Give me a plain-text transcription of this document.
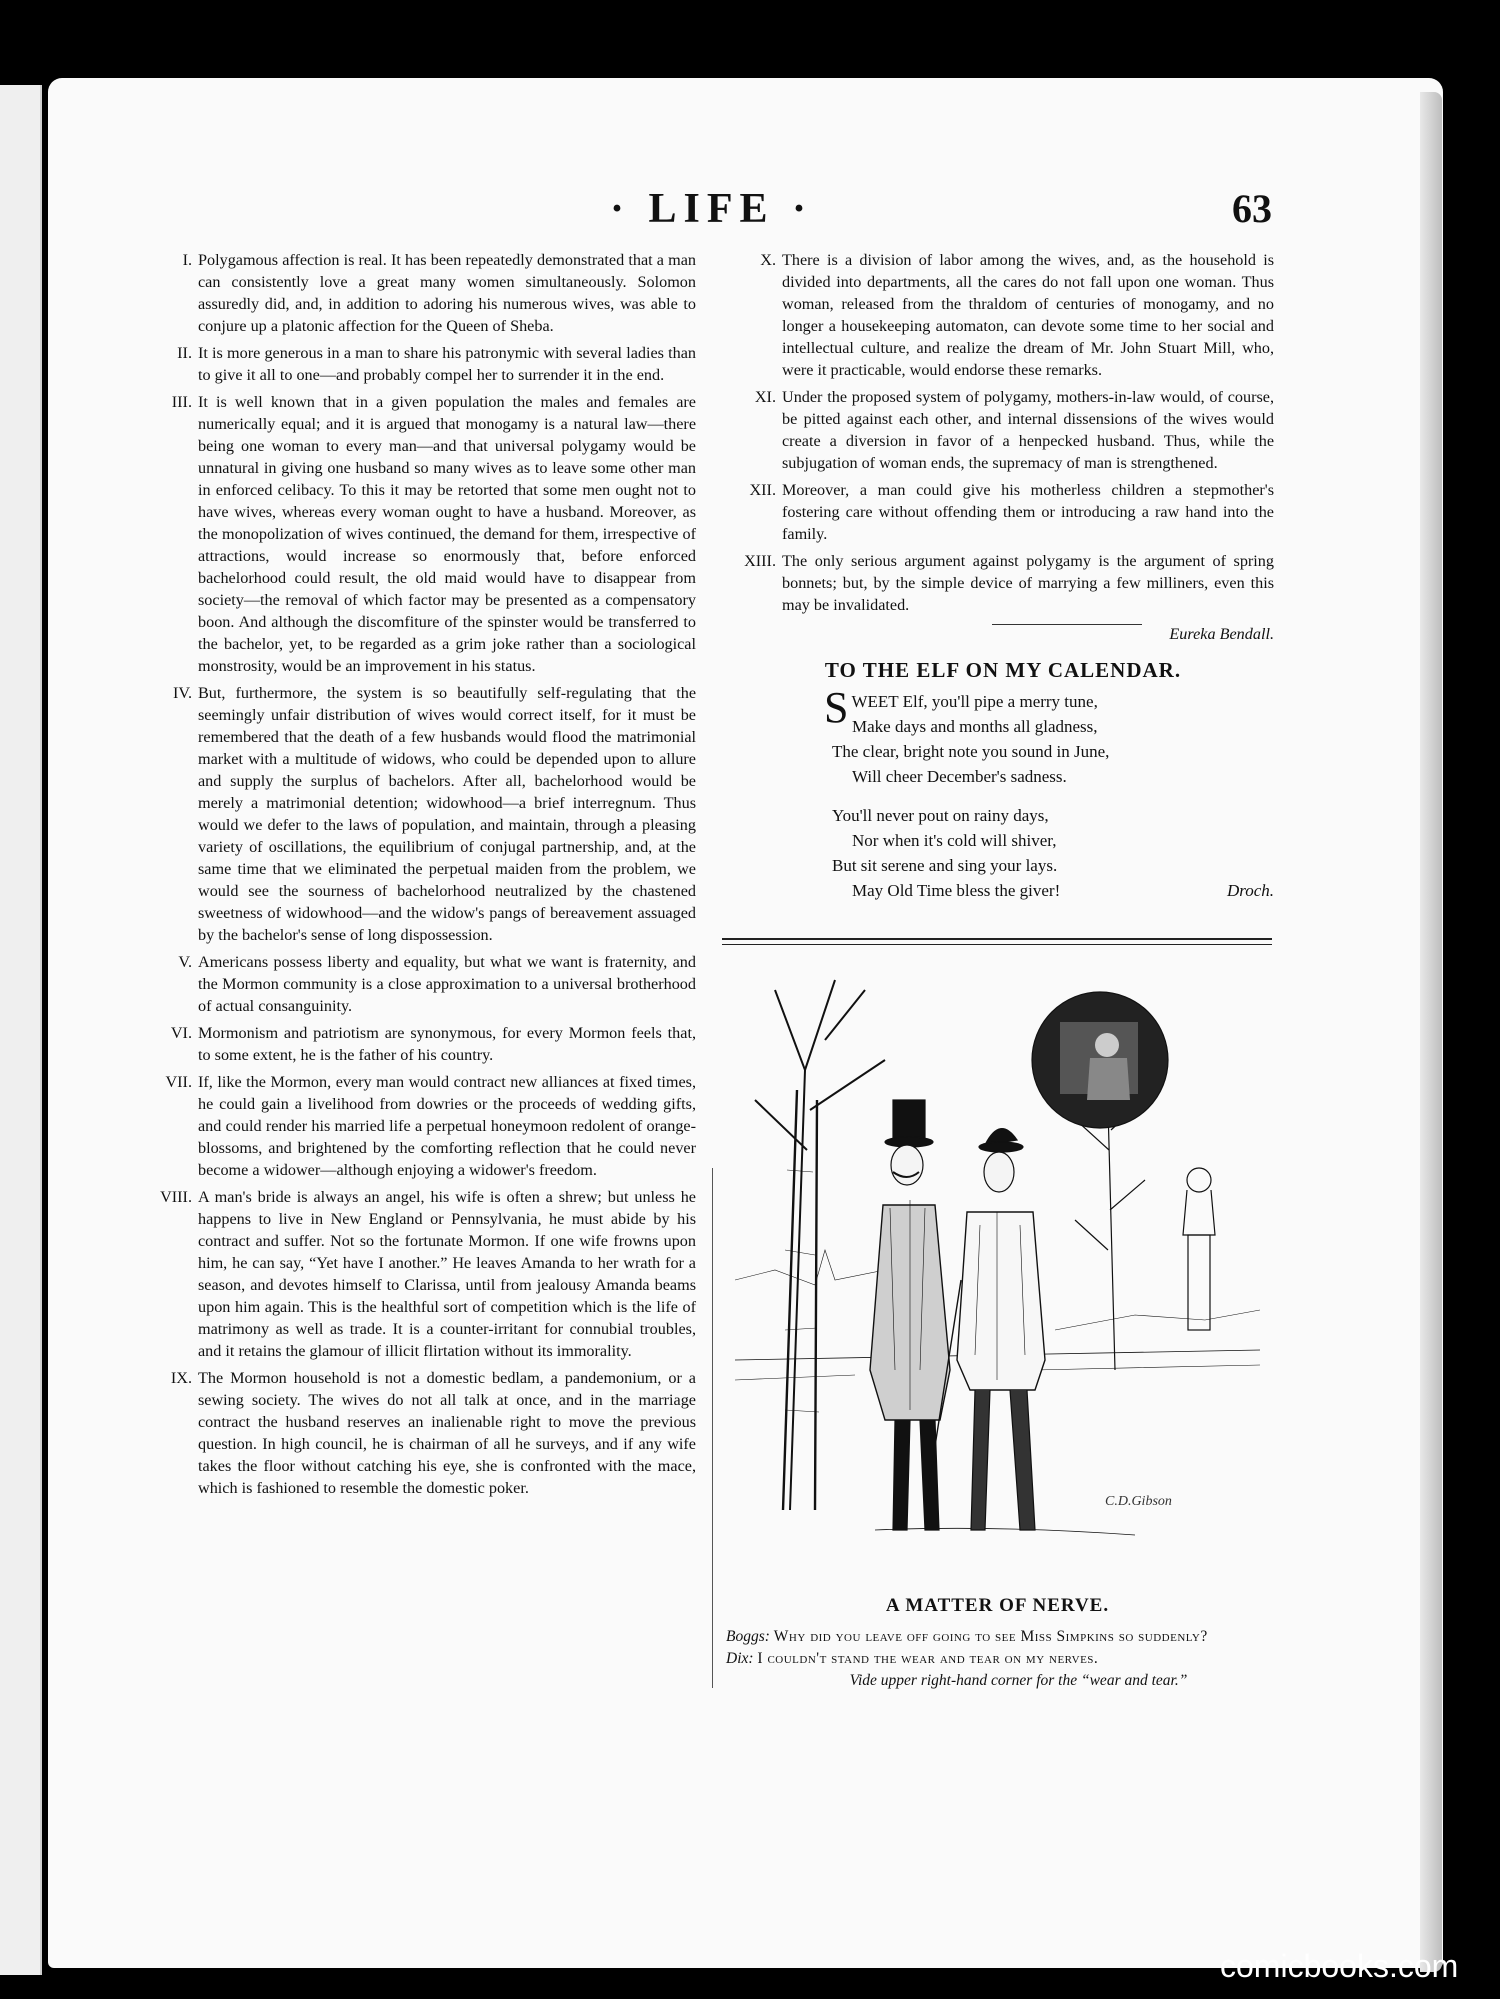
· LIFE ·	63
I. Polygamous affection is real. It has been repeatedly demonstrated that a man can consistently love a great many women simultaneously. Solomon assuredly did, and, in addition to adoring his numerous wives, was able to conjure up a platonic affection for the Queen of Sheba.
II. It is more generous in a man to share his patronymic with several ladies than to give it all to one—and probably compel her to surrender it in the end.
III. It is well known that in a given population the males and females are numerically equal; and it is argued that monogamy is a natural law—there being one woman to every man—and that universal polygamy would be unnatural in giving one husband so many wives as to leave some other man in enforced celibacy. To this it may be retorted that some men ought not to have wives, whereas every woman ought to have a husband. Moreover, as the monopolization of wives continued, the demand for them, irrespective of attractions, would increase so enormously that, before enforced bachelorhood could result, the old maid would have to disappear from society—the removal of which factor may be presented as a compensatory boon. And although the discomfiture of the spinster would be transferred to the bachelor, yet, to be regarded as a grim joke rather than a sociological monstrosity, would be an improvement in his status.
IV. But, furthermore, the system is so beautifully self-regulating that the seemingly unfair distribution of wives would correct itself, for it must be remembered that the death of a few husbands would flood the matrimonial market with a multitude of widows, who could be depended upon to allure and supply the surplus of bachelors. After all, bachelorhood would be merely a matrimonial detention; widowhood—a brief interregnum. Thus would we defer to the laws of population, and maintain, through a pleasing variety of oscillations, the equilibrium of conjugal partnership, and, at the same time that we eliminated the perpetual maiden from the problem, we would see the sourness of bachelorhood neutralized by the chastened sweetness of widowhood—and the widow's pangs of bereavement assuaged by the bachelor's sense of long dispossession.
V. Americans possess liberty and equality, but what we want is fraternity, and the Mormon community is a close approximation to a universal brotherhood of actual consanguinity.
VI. Mormonism and patriotism are synonymous, for every Mormon feels that, to some extent, he is the father of his country.
VII. If, like the Mormon, every man would contract new alliances at fixed times, he could gain a livelihood from dowries or the proceeds of wedding gifts, and could render his married life a perpetual honeymoon redolent of orange-blossoms, and brightened by the comforting reflection that he could never become a widower—although enjoying a widower's freedom.
VIII. A man's bride is always an angel, his wife is often a shrew; but unless he happens to live in New England or Pennsylvania, he must abide by his contract and suffer. Not so the fortunate Mormon. If one wife frowns upon him, he can say, “Yet have I another.” He leaves Amanda to her wrath for a season, and devotes himself to Clarissa, until from jealousy Amanda beams upon him again. This is the healthful sort of competition which is the life of matrimony as well as trade. It is a counter-irritant for connubial troubles, and it retains the glamour of illicit flirtation without its immorality.
IX. The Mormon household is not a domestic bedlam, a pandemonium, or a sewing society. The wives do not all talk at once, and in the marriage contract the husband reserves an inalienable right to move the previous question. In high council, he is chairman of all he surveys, and if any wife takes the floor without catching his eye, she is confronted with the mace, which is fashioned to resemble the domestic poker.
X. There is a division of labor among the wives, and, as the household is divided into departments, all the cares do not fall upon one woman. Thus woman, released from the thraldom of centuries of monogamy, and no longer a housekeeping automaton, can devote some time to her social and intellectual culture, and realize the dream of Mr. John Stuart Mill, who, were it practicable, would endorse these remarks.
XI. Under the proposed system of polygamy, mothers-in-law would, of course, be pitted against each other, and internal dissensions of the wives would create a diversion in favor of a henpecked husband. Thus, while the subjugation of woman ends, the supremacy of man is strengthened.
XII. Moreover, a man could give his motherless children a stepmother's fostering care without offending them or introducing a raw hand into the family.
XIII. The only serious argument against polygamy is the argument of spring bonnets; but, by the simple device of marrying a few milliners, even this may be invalidated.
Eureka Bendall.
TO THE ELF ON MY CALENDAR.
SWEET Elf, you'll pipe a merry tune,
Make days and months all gladness,
The clear, bright note you sound in June,
Will cheer December's sadness.
You'll never pout on rainy days,
Nor when it's cold will shiver,
But sit serene and sing your lays.
May Old Time bless the giver!	Droch.
C.D.Gibson
A MATTER OF NERVE.
Boggs: Why did you leave off going to see Miss Simpkins so suddenly?
Dix: I couldn't stand the wear and tear on my nerves.
Vide upper right-hand corner for the “wear and tear.”
comicbooks.com
